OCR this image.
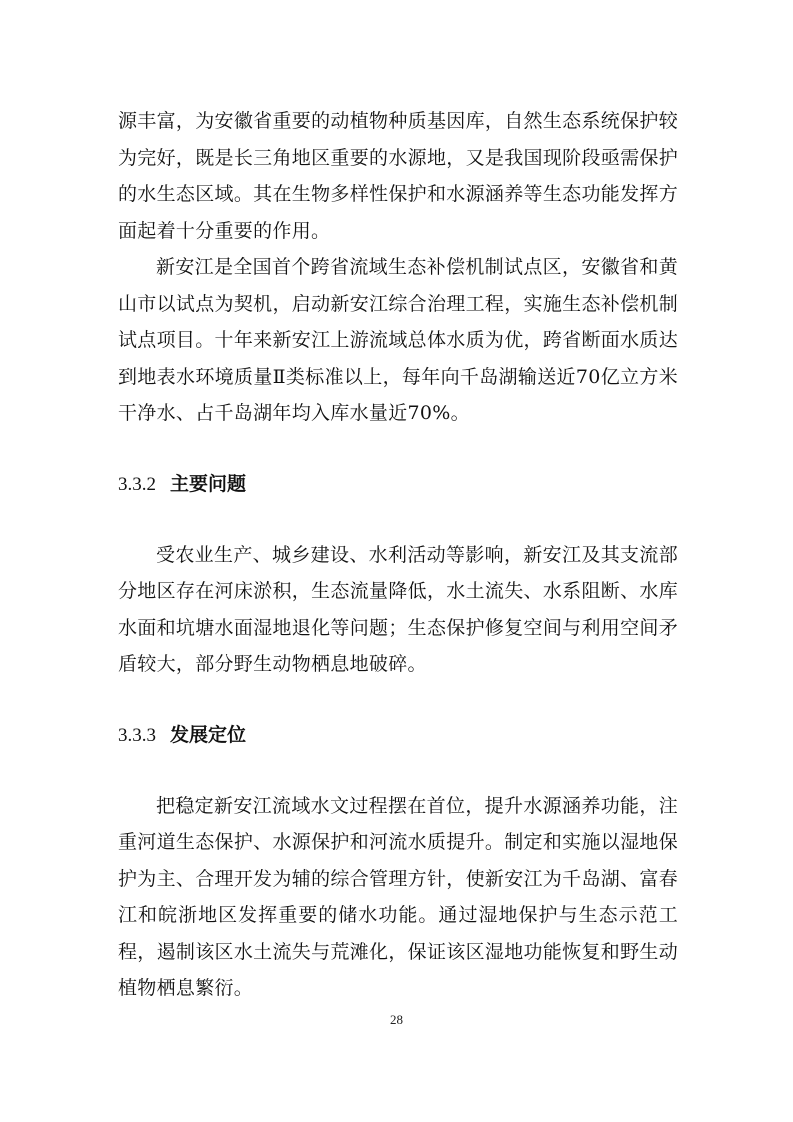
源丰富，为安徽省重要的动植物种质基因库，自然生态系统保护较为完好，既是长三角地区重要的水源地，又是我国现阶段亟需保护的水生态区域。其在生物多样性保护和水源涵养等生态功能发挥方面起着十分重要的作用。

新安江是全国首个跨省流域生态补偿机制试点区，安徽省和黄山市以试点为契机，启动新安江综合治理工程，实施生态补偿机制试点项目。十年来新安江上游流域总体水质为优，跨省断面水质达到地表水环境质量Ⅱ类标准以上，每年向千岛湖输送近70亿立方米干净水、占千岛湖年均入库水量近70%。

3.3.2 主要问题

受农业生产、城乡建设、水利活动等影响，新安江及其支流部分地区存在河床淤积，生态流量降低，水土流失、水系阻断、水库水面和坑塘水面湿地退化等问题；生态保护修复空间与利用空间矛盾较大，部分野生动物栖息地破碎。

3.3.3 发展定位

把稳定新安江流域水文过程摆在首位，提升水源涵养功能，注重河道生态保护、水源保护和河流水质提升。制定和实施以湿地保护为主、合理开发为辅的综合管理方针，使新安江为千岛湖、富春江和皖浙地区发挥重要的储水功能。通过湿地保护与生态示范工程，遏制该区水土流失与荒滩化，保证该区湿地功能恢复和野生动植物栖息繁衍。

28
